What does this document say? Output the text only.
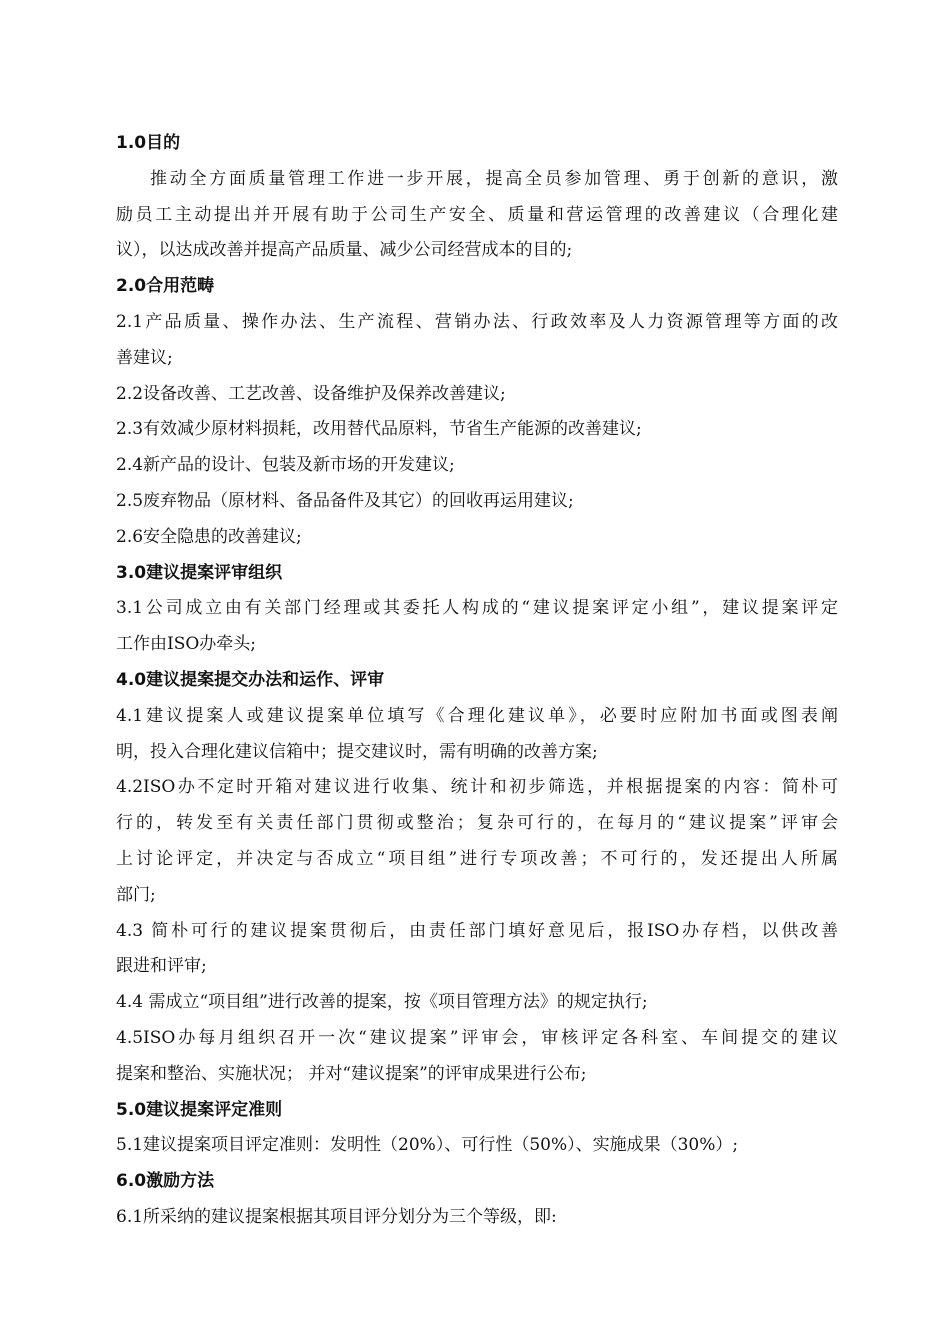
1.0目的
推动全方面质量管理工作进一步开展，提高全员参加管理、勇于创新的意识，激
励员工主动提出并开展有助于公司生产安全、质量和营运管理的改善建议（合理化建
议），以达成改善并提高产品质量、减少公司经营成本的目的;
2.0合用范畴
2.1产品质量、操作办法、生产流程、营销办法、行政效率及人力资源管理等方面的改
善建议;
2.2设备改善、工艺改善、设备维护及保养改善建议;
2.3有效减少原材料损耗，改用替代品原料，节省生产能源的改善建议;
2.4新产品的设计、包装及新市场的开发建议;
2.5废弃物品（原材料、备品备件及其它）的回收再运用建议;
2.6安全隐患的改善建议;
3.0建议提案评审组织
3.1公司成立由有关部门经理或其委托人构成的“建议提案评定小组”，建议提案评定
工作由ISO办牵头;
4.0建议提案提交办法和运作、评审
4.1建议提案人或建议提案单位填写《合理化建议单》，必要时应附加书面或图表阐
明，投入合理化建议信箱中；提交建议时，需有明确的改善方案;
4.2ISO办不定时开箱对建议进行收集、统计和初步筛选，并根据提案的内容：简朴可
行的，转发至有关责任部门贯彻或整治；复杂可行的，在每月的“建议提案”评审会
上讨论评定，并决定与否成立“项目组”进行专项改善；不可行的，发还提出人所属
部门;
4.3 简朴可行的建议提案贯彻后，由责任部门填好意见后，报ISO办存档，以供改善
跟进和评审;
4.4 需成立“项目组”进行改善的提案，按《项目管理方法》的规定执行;
4.5ISO办每月组织召开一次“建议提案”评审会，审核评定各科室、车间提交的建议
提案和整治、实施状况； 并对“建议提案”的评审成果进行公布;
5.0建议提案评定准则
5.1建议提案项目评定准则：发明性（20%）、可行性（50%）、实施成果（30%）;
6.0激励方法
6.1所采纳的建议提案根据其项目评分划分为三个等级，即:
